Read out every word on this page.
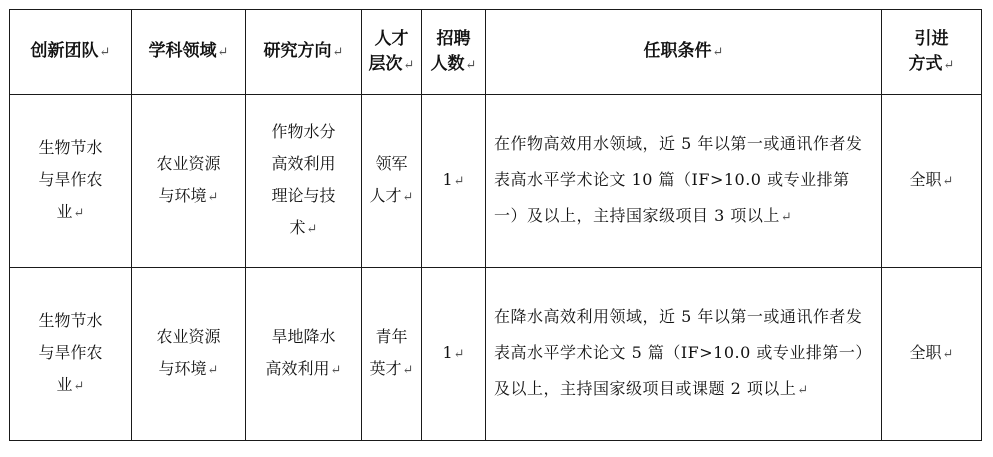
创新团队↵	学科领域↵	研究方向↵	人才
层次↵	招聘
人数↵	任职条件↵	引进
方式↵
生物节水
与旱作农
业↵	农业资源
与环境↵	作物水分
高效利用
理论与技
术↵	领军
人才↵	1↵	在作物高效用水领域，近 5 年以第一或通讯作者发表高水平学术论文 10 篇（IF>10.0 或专业排第一）及以上，主持国家级项目 3 项以上↵	全职↵
生物节水
与旱作农
业↵	农业资源
与环境↵	旱地降水
高效利用↵	青年
英才↵	1↵	在降水高效利用领域，近 5 年以第一或通讯作者发表高水平学术论文 5 篇（IF>10.0 或专业排第一）及以上，主持国家级项目或课题 2 项以上↵	全职↵
